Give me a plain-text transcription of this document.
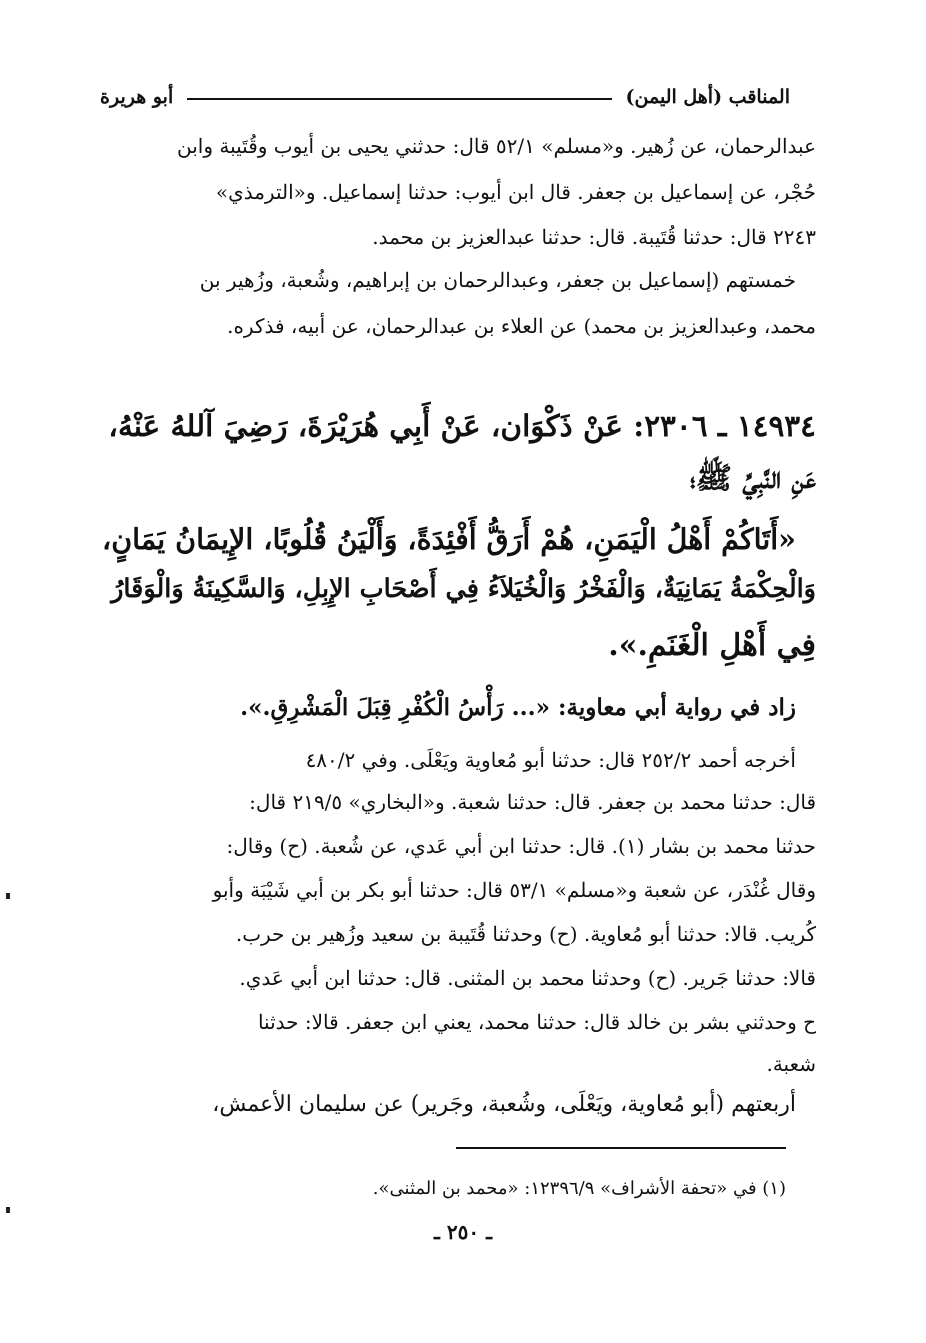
المناقب (أهل اليمن)
أبو هريرة
عبدالرحمان، عن زُهير. و«مسلم» ٥٢/١ قال: حدثني يحيى بن أيوب وقُتَيبة وابن
حُجْر، عن إسماعيل بن جعفر. قال ابن أيوب: حدثنا إسماعيل. و«الترمذي»
٢٢٤٣ قال: حدثنا قُتَيبة. قال: حدثنا عبدالعزيز بن محمد.
خمستهم (إسماعيل بن جعفر، وعبدالرحمان بن إبراهيم، وشُعبة، وزُهير بن
محمد، وعبدالعزيز بن محمد) عن العلاء بن عبدالرحمان، عن أبيه، فذكره.
١٤٩٣٤ ـ ٢٣٠٦: عَنْ ذَكْوَان، عَنْ أَبِي هُرَيْرَةَ، رَضِيَ آللهُ عَنْهُ،
عَنِ النَّبِيِّ ﷺ؛
«أَتَاكُمْ أَهْلُ الْيَمَنِ، هُمْ أَرَقُّ أَفْئِدَةً، وَأَلْيَنُ قُلُوبًا، الإِيمَانُ يَمَانٍ،
وَالْحِكْمَةُ يَمَانِيَةٌ، وَالْفَخْرُ وَالْخُيَلاَءُ فِي أَصْحَابِ الإِبِلِ، وَالسَّكِينَةُ وَالْوَقَارُ
فِي أَهْلِ الْغَنَمِ.».
زاد في رواية أبي معاوية: «... رَأْسُ الْكُفْرِ قِبَلَ الْمَشْرِقِ.».
أخرجه أحمد ٢٥٢/٢ قال: حدثنا أبو مُعاوية ويَعْلَى. وفي ٤٨٠/٢
قال: حدثنا محمد بن جعفر. قال: حدثنا شعبة. و«البخاري» ٢١٩/٥ قال:
حدثنا محمد بن بشار (١). قال: حدثنا ابن أبي عَدي، عن شُعبة. (ح) وقال:
وقال غُنْدَر، عن شعبة و«مسلم» ٥٣/١ قال: حدثنا أبو بكر بن أبي شَيْبَة وأبو
كُريب. قالا: حدثنا أبو مُعاوية. (ح) وحدثنا قُتَيبة بن سعيد وزُهير بن حرب.
قالا: حدثنا جَرير. (ح) وحدثنا محمد بن المثنى. قال: حدثنا ابن أبي عَدي.
ح وحدثني بشر بن خالد قال: حدثنا محمد، يعني ابن جعفر. قالا: حدثنا
شعبة.
أربعتهم (أبو مُعاوية، ويَعْلَى، وشُعبة، وجَرير) عن سليمان الأعمش،
(١) في «تحفة الأشراف» ١٢٣٩٦/٩: «محمد بن المثنى».
ـ ٢٥٠ ـ
